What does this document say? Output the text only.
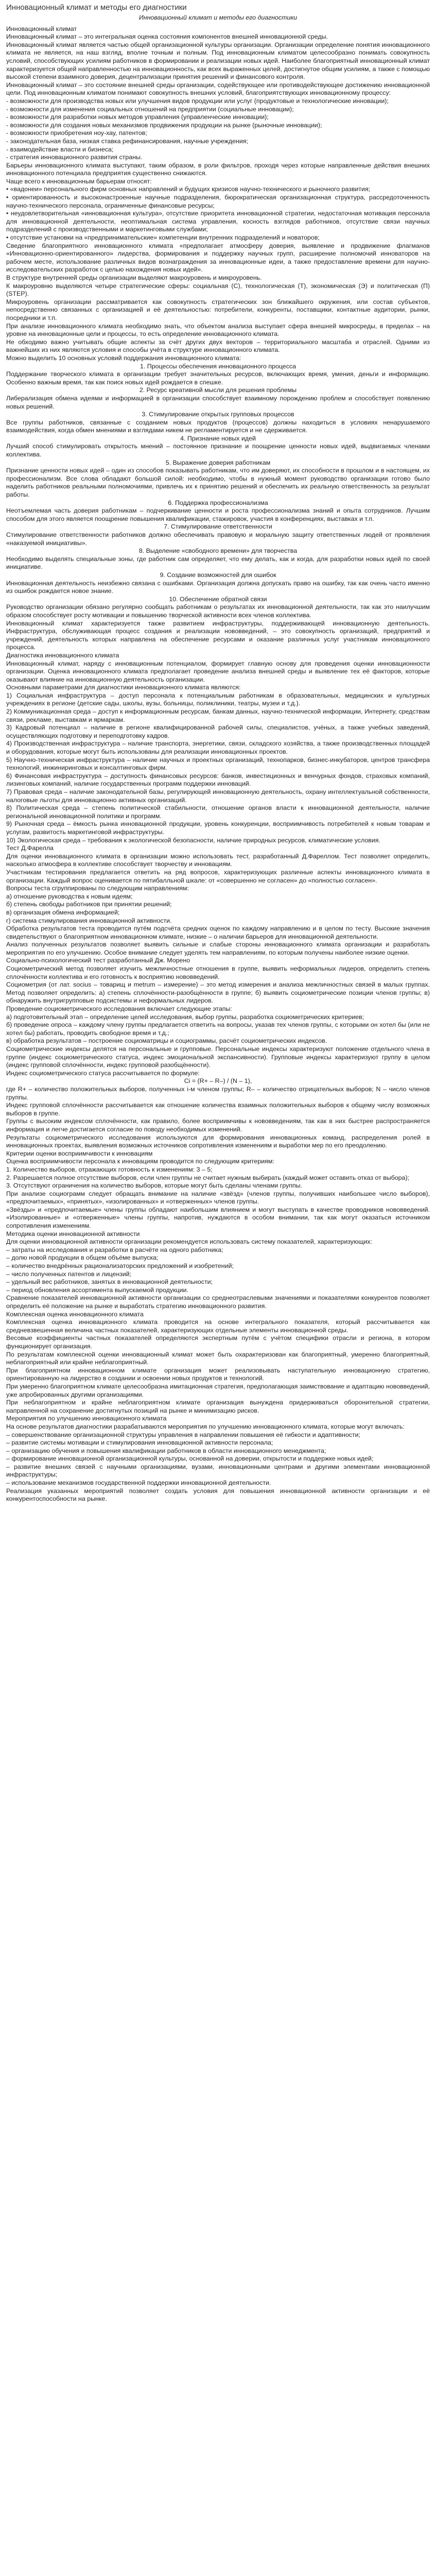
Инновационный климат и методы его диагностики
Инновационный климат и методы его диагностики

Инновационный климат

Инновационный климат – это интегральная оценка состояния компонентов внешней инновационной среды.

Инновационный климат является частью общей организационной культуры организации. Организации определение понятия инновационного климата не является, на наш взгляд, вполне точным и полным. Под инновационным климатом целесообразно понимать совокупность условий, способствующих усилиям работников в формировании и реализации новых идей. Наиболее благоприятный инновационный климат характеризуется общей направленностью на инновационность, как всех выраженных целей, достигнутое общим усилиям, а также с помощью высокой степени взаимного доверия, децентрализации принятия решений и финансового контроля.

Инновационный климат – это состояние внешней среды организации, содействующее или противодействующее достижению инновационной цели. Под инновационным климатом понимают совокупность внешних условий, благоприятствующих инновационному процессу:

- возможности для производства новых или улучшения видов продукции или услуг (продуктовые и технологические инновации);

- возможности для изменения социальных отношений на предприятии (социальные инновации);

- возможности для разработки новых методов управления (управленческие инновации);

- возможности для создания новых механизмов продвижения продукции на рынке (рыночные инновации);

- возможности приобретения ноу-хау, патентов;

- законодательная база, низкая ставка рефинансирования, научные учреждения;

- взаимодействие власти и бизнеса;

- стратегия инновационного развития страны.

Барьеры инновационного климата выступают, таким образом, в роли фильтров, проходя через которые направленные действия внешних инновационного потенциала предприятия существенно снижаются.

Чаще всего к инновационным барьерам относят:

• «вадонеи» персонального фирм основных направлений и будущих кризисов научно-технического и рыночного развития;

• ориентированность и высоконастроенные научные подразделения, бюрократическая организационная структура, рассредоточенность научно-технического персонала, ограниченные финансовые ресурсы;

• неудовлетворительная «инновационная культура», отсутствие приоритета инновационной стратегии, недостаточная мотивация персонала для инновационной деятельности, неоптимальная система управления, косность взглядов работников, отсутствие связи научных подразделений с производственными и маркетинговыми службами;

• отсутствие установки на «предпринимательские» компетенции внутренних подразделений и новаторов;

Сведение благоприятного инновационного климата «предполагает атмосферу доверия, выявление и продвижение флагманов «Инновационно-ориентированного» лидерства, формирования и поддержку научных групп, расширение полномочий инноваторов на рабочем месте, использование различных видов вознаграждения за инновационные идеи, а также предоставление времени для научно-исследовательских разработок с целью нахождения новых идей».

В структуре внутренней среды организации выделяют макроуровень и микроуровень.

К макроуровню выделяются четыре стратегические сферы: социальная (С), технологическая (Т), экономическая (Э) и политическая (П) (STEP).

Микроуровень организации рассматривается как совокупность стратегических зон ближайшего окружения, или состав субъектов, непосредственно связанных с организацией и её деятельностью: потребители, конкуренты, поставщики, контактные аудитории, рынки, посредники и т.п.

При анализе инновационного климата необходимо знать, что объектом анализа выступает сфера внешней микросреды, в пределах – на уровне на инновационные цели и процессы, то есть определение инновационного климата.

Не обходимо важно учитывать общие аспекты за счёт других двух векторов – территориального масштаба и отраслей. Одними из важнейших из них являются условия и способы учёта в структуре инновационного климата.

Можно выделить 10 основных условий поддержания инновационного климата:

1. Процессы обеспечения инновационного процесса

Поддержание творческого климата в организации требует значительных ресурсов, включающих время, умения, деньги и информацию. Особенно важным время, так как поиск новых идей рождается в спешке.

2. Ресурс креативной мысли для решения проблемы

Либерализация обмена идеями и информацией в организации способствует взаимному порождению проблем и способствует появлению новых решений.

3. Стимулирование открытых групповых процессов

Все группы работников, связанные с созданием новых продуктов (процессов) должны находиться в условиях ненарушаемого взаимодействия, когда обмен мнениями и взглядами никем не регламентируется и не сдерживается.

4. Признание новых идей

Лучший способ стимулировать открытость мнений – постоянное признание и поощрение ценности новых идей, выдвигаемых членами коллектива.

5. Выражение доверия работникам

Признание ценности новых идей – один из способов показывать работникам, что им доверяют, их способности в прошлом и в настоящем, их профессионализм. Все слова обладают большой силой: необходимо, чтобы в нужный момент руководство организации готово было наделить работников реальными полномочиями, привлечь их к принятию решений и обеспечить их реальную ответственность за результат работы.

6. Поддержка профессионализма

Неотъемлемая часть доверия работникам – подчеркивание ценности и роста профессионализма знаний и опыта сотрудников. Лучшим способом для этого является поощрение повышения квалификации, стажировок, участия в конференциях, выставках и т.п.

7. Стимулирование ответственности

Стимулирование ответственности работников должно обеспечивать правовую и моральную защиту ответственных людей от проявления «наказуемой инициативы».

8. Выделение «свободного времени» для творчества

Необходимо выделять специальные зоны, где работник сам определяет, что ему делать, как и когда, для разработки новых идей по своей инициативе.

9. Создание возможностей для ошибок

Инновационная деятельность неизбежно связана с ошибками. Организация должна допускать право на ошибку, так как очень часто именно из ошибок рождается новое знание.

10. Обеспечение обратной связи

Руководство организации обязано регулярно сообщать работникам о результатах их инновационной деятельности, так как это наилучшим образом способствует росту мотивации и повышению творческой активности всех членов коллектива.

Инновационный климат характеризуется также развитием инфраструктуры, поддерживающей инновационную деятельность. Инфраструктура, обслуживающая процесс создания и реализации нововведений, – это совокупность организаций, предприятий и учреждений, деятельность которых направлена на обеспечение ресурсами и оказание различных услуг участникам инновационного процесса.

Диагностика инновационного климата

Инновационный климат, наряду с инновационным потенциалом, формирует главную основу для проведения оценки инновационности организации. Оценка инновационного климата предполагает проведение анализа внешней среды и выявление тех её факторов, которые оказывают влияние на инновационную деятельность организации.

Основными параметрами для диагностики инновационного климата являются:

1) Социальная инфраструктура – доступ персонала к потенциальным работникам в образовательных, медицинских и культурных учреждениях в регионе (детские сады, школы, вузы, больницы, поликлиники, театры, музеи и т.д.).

2) Коммуникационная среда – доступ к информационным ресурсам, банкам данных, научно-технической информации, Интернету, средствам связи, рекламе, выставкам и ярмаркам.

3) Кадровый потенциал – наличие в регионе квалифицированной рабочей силы, специалистов, учёных, а также учебных заведений, осуществляющих подготовку и переподготовку кадров.

4) Производственная инфраструктура – наличие транспорта, энергетики, связи, складского хозяйства, а также производственных площадей и оборудования, которые могут быть использованы для реализации инновационных проектов.

5) Научно-техническая инфраструктура – наличие научных и проектных организаций, технопарков, бизнес-инкубаторов, центров трансфера технологий, инжиниринговых и консалтинговых фирм.

6) Финансовая инфраструктура – доступность финансовых ресурсов: банков, инвестиционных и венчурных фондов, страховых компаний, лизинговых компаний, наличие государственных программ поддержки инноваций.

7) Правовая среда – наличие законодательной базы, регулирующей инновационную деятельность, охрану интеллектуальной собственности, налоговые льготы для инновационно активных организаций.

8) Политическая среда – степень политической стабильности, отношение органов власти к инновационной деятельности, наличие региональной инновационной политики и программ.

9) Рыночная среда – ёмкость рынка инновационной продукции, уровень конкуренции, восприимчивость потребителей к новым товарам и услугам, развитость маркетинговой инфраструктуры.

10) Экологическая среда – требования к экологической безопасности, наличие природных ресурсов, климатические условия.

Тест Д.Фарелла

Для оценки инновационного климата в организации можно использовать тест, разработанный Д.Фареллом. Тест позволяет определить, насколько атмосфера в коллективе способствует творчеству и инновациям.

Участникам тестирования предлагается ответить на ряд вопросов, характеризующих различные аспекты инновационного климата в организации. Каждый вопрос оценивается по пятибалльной шкале: от «совершенно не согласен» до «полностью согласен».

Вопросы теста сгруппированы по следующим направлениям:

а) отношение руководства к новым идеям;

б) степень свободы работников при принятии решений;

в) организация обмена информацией;

г) система стимулирования инновационной активности.

Обработка результатов теста проводится путём подсчёта средних оценок по каждому направлению и в целом по тесту. Высокие значения свидетельствуют о благоприятном инновационном климате, низкие – о наличии барьеров для инновационной деятельности.

Анализ полученных результатов позволяет выявить сильные и слабые стороны инновационного климата организации и разработать мероприятия по его улучшению. Особое внимание следует уделять тем направлениям, по которым получены наиболее низкие оценки.

Социально-психологический тест разработанный Дж. Морено

Социометрический метод позволяет изучить межличностные отношения в группе, выявить неформальных лидеров, определить степень сплочённости коллектива и его готовность к восприятию нововведений.

Социометрия (от лат. socius – товарищ и metrum – измерение) – это метод измерения и анализа межличностных связей в малых группах. Метод позволяет определить: а) степень сплочённости-разобщённости в группе; б) выявить социометрические позиции членов группы; в) обнаружить внутригрупповые подсистемы и неформальных лидеров.

Проведение социометрического исследования включает следующие этапы:

а) подготовительный этап – определение целей исследования, выбор группы, разработка социометрических критериев;

б) проведение опроса – каждому члену группы предлагается ответить на вопросы, указав тех членов группы, с которыми он хотел бы (или не хотел бы) работать, проводить свободное время и т.д.;

в) обработка результатов – построение социоматрицы и социограммы, расчёт социометрических индексов.

Социометрические индексы делятся на персональные и групповые. Персональные индексы характеризуют положение отдельного члена в группе (индекс социометрического статуса, индекс эмоциональной экспансивности). Групповые индексы характеризуют группу в целом (индекс групповой сплочённости, индекс групповой разобщённости).

Индекс социометрического статуса рассчитывается по формуле:

Ci = (R+ – R–) / (N – 1),

где R+ – количество положительных выборов, полученных i-м членом группы; R– – количество отрицательных выборов; N – число членов группы.

Индекс групповой сплочённости рассчитывается как отношение количества взаимных положительных выборов к общему числу возможных выборов в группе.

Группы с высоким индексом сплочённости, как правило, более восприимчивы к нововведениям, так как в них быстрее распространяется информация и легче достигается согласие по поводу необходимых изменений.

Результаты социометрического исследования используются для формирования инновационных команд, распределения ролей в инновационных проектах, выявления возможных источников сопротивления изменениям и выработки мер по его преодолению.

Критерии оценки восприимчивости к инновациям

Оценка восприимчивости персонала к инновациям проводится по следующим критериям:

1. Количество выборов, отражающих готовность к изменениям: 3 – 5;

2. Разрешается полное отсутствие выборов, если член группы не считает нужным выбирать (каждый может оставить отказ от выбора);

3. Отсутствуют ограничения на количество выборов, которые могут быть сделаны членами группы.

При анализе социограмм следует обращать внимание на наличие «звёзд» (членов группы, получивших наибольшее число выборов), «предпочитаемых», «принятых», «изолированных» и «отверженных» членов группы.

«Звёзды» и «предпочитаемые» члены группы обладают наибольшим влиянием и могут выступать в качестве проводников нововведений. «Изолированные» и «отверженные» члены группы, напротив, нуждаются в особом внимании, так как могут оказаться источником сопротивления изменениям.

Методика оценки инновационной активности

Для оценки инновационной активности организации рекомендуется использовать систему показателей, характеризующих:

– затраты на исследования и разработки в расчёте на одного работника;

– долю новой продукции в общем объёме выпуска;

– количество внедрённых рационализаторских предложений и изобретений;

– число полученных патентов и лицензий;

– удельный вес работников, занятых в инновационной деятельности;

– период обновления ассортимента выпускаемой продукции.

Сравнение показателей инновационной активности организации со среднеотраслевыми значениями и показателями конкурентов позволяет определить её положение на рынке и выработать стратегию инновационного развития.

Комплексная оценка инновационного климата

Комплексная оценка инновационного климата проводится на основе интегрального показателя, который рассчитывается как средневзвешенная величина частных показателей, характеризующих отдельные элементы инновационной среды.

Весовые коэффициенты частных показателей определяются экспертным путём с учётом специфики отрасли и региона, в котором функционирует организация.

По результатам комплексной оценки инновационный климат может быть охарактеризован как благоприятный, умеренно благоприятный, неблагоприятный или крайне неблагоприятный.

При благоприятном инновационном климате организация может реализовывать наступательную инновационную стратегию, ориентированную на лидерство в создании и освоении новых продуктов и технологий.

При умеренно благоприятном климате целесообразна имитационная стратегия, предполагающая заимствование и адаптацию нововведений, уже апробированных другими организациями.

При неблагоприятном и крайне неблагоприятном климате организация вынуждена придерживаться оборонительной стратегии, направленной на сохранение достигнутых позиций на рынке и минимизацию рисков.

Мероприятия по улучшению инновационного климата

На основе результатов диагностики разрабатываются мероприятия по улучшению инновационного климата, которые могут включать:

– совершенствование организационной структуры управления в направлении повышения её гибкости и адаптивности;

– развитие системы мотивации и стимулирования инновационной активности персонала;

– организацию обучения и повышения квалификации работников в области инновационного менеджмента;

– формирование инновационной организационной культуры, основанной на доверии, открытости и поддержке новых идей;

– развитие внешних связей с научными организациями, вузами, инновационными центрами и другими элементами инновационной инфраструктуры;

– использование механизмов государственной поддержки инновационной деятельности.

Реализация указанных мероприятий позволяет создать условия для повышения инновационной активности организации и её конкурентоспособности на рынке.
